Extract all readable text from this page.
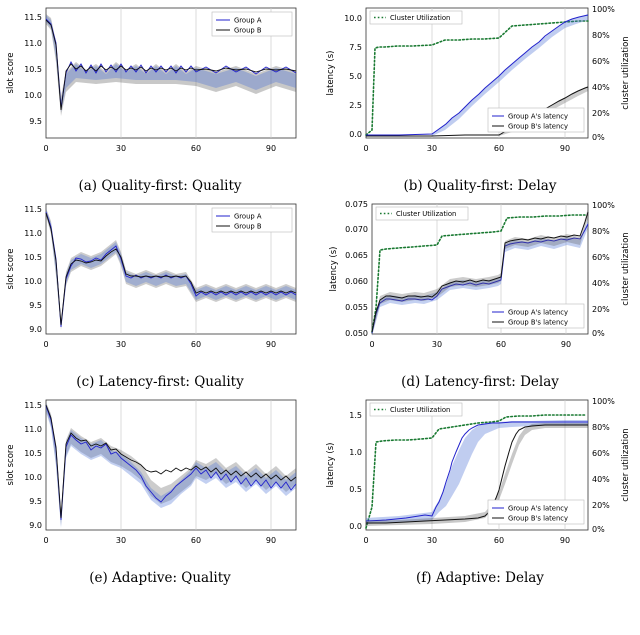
11.5
11.0
10.5
10.0
9.5
0	30	60	90
slot score
Group A
Group B
(a) Quality-first: Quality
10.0
7.5
5.0
2.5
0.0
100%
80%
60%
40%
20%
0%
0	30	60	90
latency (s)	cluster utilization
Cluster Utilization
Group A's latency
Group B's latency
(b) Quality-first: Delay
11.5
11.0
10.5
10.0
9.5
9.0
0	30	60	90
slot score
Group A
Group B
(c) Latency-first: Quality
0.075
0.070
0.065
0.060
0.055
0.050
100%
80%
60%
40%
20%
0%
0	30	60	90
latency (s)	cluster utilization
Cluster Utilization
Group A's latency
Group B's latency
(d) Latency-first: Delay
11.5
11.0
10.5
10.0
9.5
9.0
0	30	60	90
slot score
(e) Adaptive: Quality
1.5
1.0
0.5
0.0
100%
80%
60%
40%
20%
0%
0	30	60	90
latency (s)	cluster utilization
Cluster Utilization
Group A's latency
Group B's latency
(f) Adaptive: Delay
